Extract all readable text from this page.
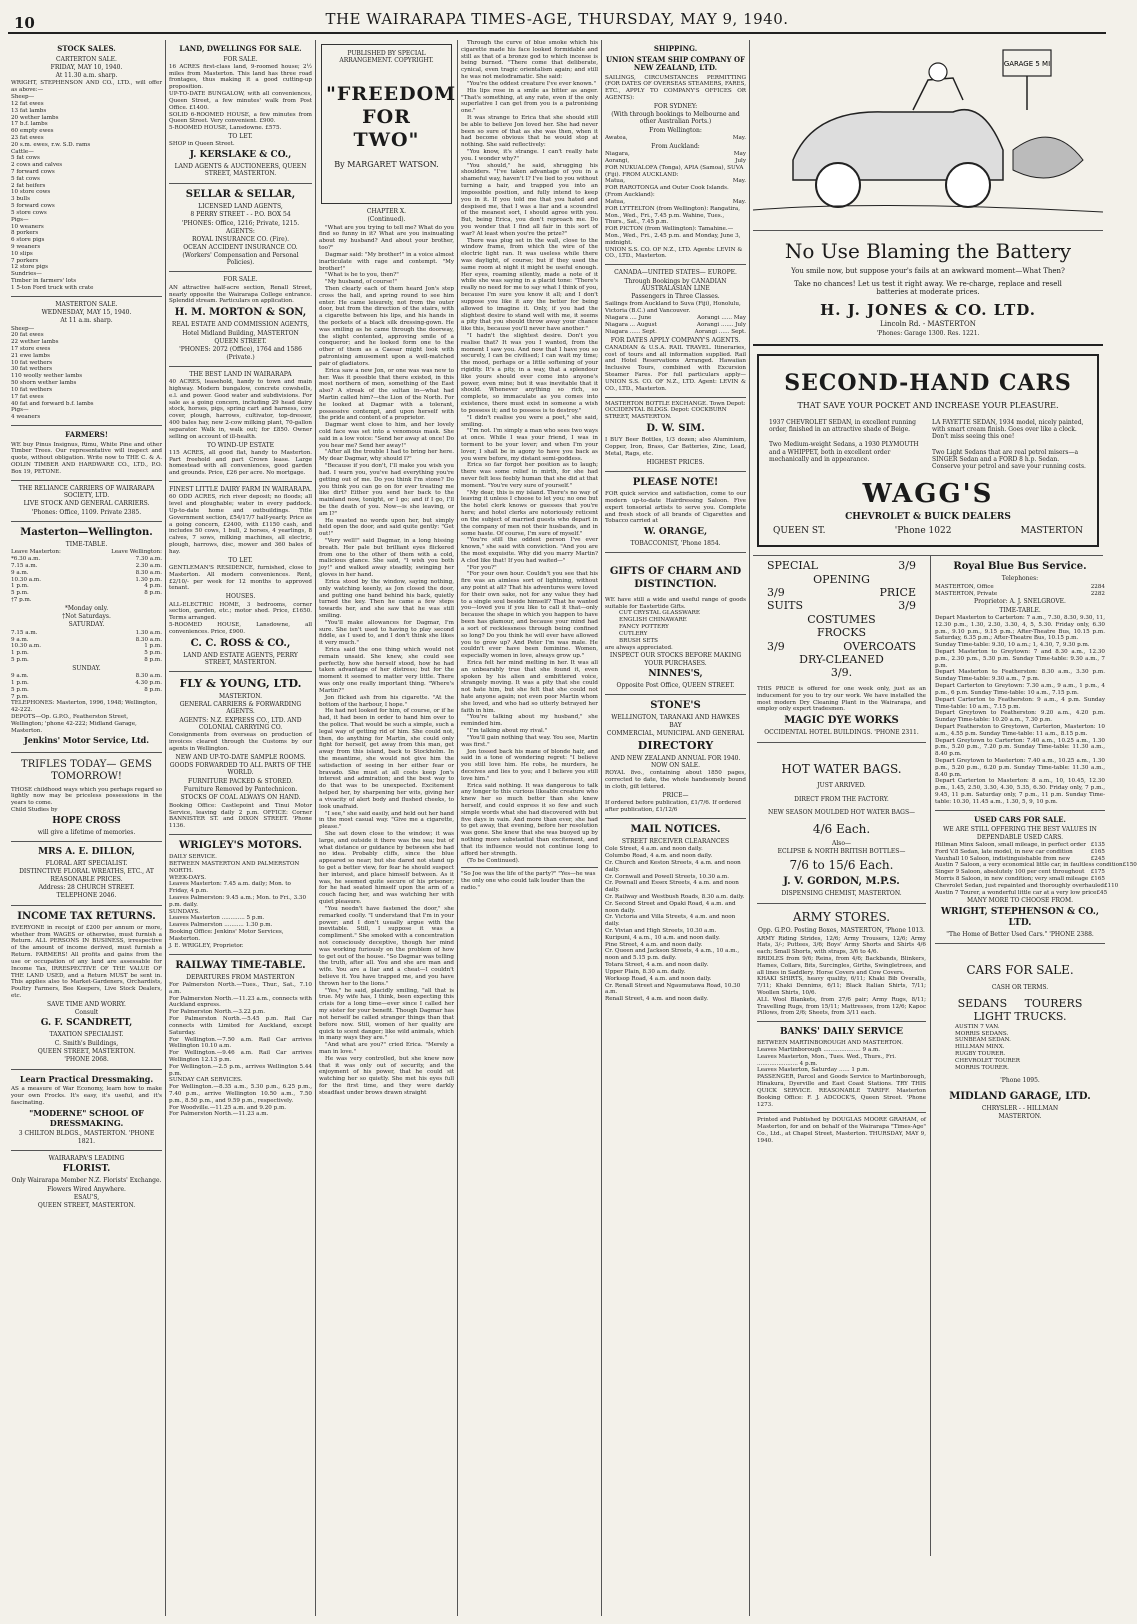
10	THE WAIRARAPA TIMES-AGE, THURSDAY, MAY 9, 1940.
STOCK SALES.
CARTERTON SALE.
FRIDAY, MAY 10, 1940.
At 11.30 a.m. sharp.
WRIGHT, STEPHENSON AND CO., LTD., will offer as above:—
Sheep—
12 fat ewes
13 fat lambs
20 wether lambs
17 b.f. lambs
60 empty ewes
23 fat ewes
20 s.m. ewes, r.w. S.D. rams
Cattle—
5 fat cows
2 cows and calves
7 forward cows
5 fat cows
2 fat heifers
10 store cows
3 bulls
5 forward cows
5 store cows
Pigs—
10 weaners
8 porkers
6 store pigs
9 weaners
10 slips
7 porkers
12 store pigs
Sundries—
Timber in farmers' lots
1 5-ton Ford truck with crate
MASTERTON SALE.
WEDNESDAY, MAY 15, 1940.
At 11 a.m. sharp.
Sheep—
20 fat ewes
22 wether lambs
17 store ewes
21 ewe lambs
10 fat wethers
30 fat wethers
110 woolly wether lambs
50 shorn wether lambs
10 fat wethers
17 fat ewes
40 fat and forward b.f. lambs
Pigs—
4 weaners
FARMERS!
WE buy Pinus Insignus, Rimu, White Pine and other Timber Trees. Our representative will inspect and quote, without obligation. Write now to THE C. & A. ODLIN TIMBER AND HARDWARE CO., LTD., P.O. Box 19, PETONE.
THE RELIANCE CARRIERS OF WAIRARAPA SOCIETY, LTD.
LIVE STOCK AND GENERAL CARRIERS.
'Phones: Office, 1109. Private 2385.
Masterton—Wellington.
TIME-TABLE.
Leave Masterton:	Leave Wellington:
*6.30 a.m.	7.30 a.m.
7.15 a.m.	2.30 a.m.
9 a.m.	8.30 a.m.
10.30 a.m.	1.30 p.m.
1 p.m.	4 p.m.
5 p.m.	8 p.m.
†7 p.m.
*Monday only.
†Not Saturdays.
SATURDAY.
7.15 a.m.	1.30 a.m.
9 a.m.	8.30 a.m.
10.30 a.m.	1 p.m.
1 p.m.	5 p.m.
5 p.m.	8 p.m.
SUNDAY.
9 a.m.	8.30 a.m.
1 p.m.	4.30 p.m.
5 p.m.	8 p.m.
7 p.m.
TELEPHONES: Masterton, 1996, 1948; Wellington, 42-222.
DEPOTS—Op. G.P.O., Featherston Street, Wellington; 'phone 42-222; Midland Garage, Masterton.
Jenkins' Motor Service, Ltd.
TRIFLES TODAY— GEMS TOMORROW!
THOSE childhood ways which you perhaps regard so lightly now may be priceless possessions in the years to come.
Child Studies by
HOPE CROSS
will give a lifetime of memories.
MRS A. E. DILLON,
FLORAL ART SPECIALIST.
DISTINCTIVE FLORAL WREATHS, ETC., AT REASONABLE PRICES.
Address: 28 CHURCH STREET.
TELEPHONE 2046.
INCOME TAX RETURNS.
EVERYONE in receipt of £200 per annum or more, whether from WAGES or otherwise, must furnish a Return. ALL PERSONS IN BUSINESS, irrespective of the amount of income derived, must furnish a Return. FARMERS! All profits and gains from the use or occupation of any land are assessable for Income Tax, IRRESPECTIVE OF THE VALUE OF THE LAND USED, and a Return MUST be sent in. This applies also to Market-Gardeners, Orchardists, Poultry Farmers, Bee Keepers, Live Stock Dealers, etc.
SAVE TIME AND WORRY.
Consult
G. F. SCANDRETT,
TAXATION SPECIALIST.
C. Smith's Buildings,
QUEEN STREET, MASTERTON.
'PHONE 2068.
Learn Practical Dressmaking.
AS a measure of War Economy, learn how to make your own Frocks. It's easy, it's useful, and it's fascinating.
"MODERNE" SCHOOL OF DRESSMAKING.
3 CHILTON BLDGS., MASTERTON. 'PHONE 1821.
WAIRARAPA'S LEADING
FLORIST.
Only Wairarapa Member N.Z. Florists' Exchange.
Flowers Wired Anywhere.
ESAU'S,
QUEEN STREET, MASTERTON.
LAND, DWELLINGS FOR SALE.
FOR SALE.
16 ACRES first-class land, 9-roomed house; 2½ miles from Masterton. This land has three road frontages, thus making it a good cutting-up proposition.
UP-TO-DATE BUNGALOW, with all conveniences, Queen Street, a few minutes' walk from Post Office. £1400.
SOLID 6-ROOMED HOUSE, a few minutes from Queen Street. Very convenient. £900.
5-ROOMED HOUSE, Lansdowne. £575.
TO LET.
SHOP in Queen Street.
J. KERSLAKE & CO.,
LAND AGENTS & AUCTIONEERS, QUEEN STREET, MASTERTON.
SELLAR & SELLAR,
LICENSED LAND AGENTS,
8 PERRY STREET - - P.O. BOX 54
'PHONES: Office, 1216; Private, 1215.
AGENTS:
ROYAL INSURANCE CO. (Fire).
OCEAN ACCIDENT INSURANCE CO. (Workers' Compensation and Personal Policies).
FOR SALE.
AN attractive half-acre section, Renall Street, nearly opposite the Wairarapa College entrance. Splendid stream. Particulars on application.
H. M. MORTON & SON,
REAL ESTATE AND COMMISSION AGENTS,
Hotel Midland Building, MASTERTON
QUEEN STREET.
'PHONES: 2072 (Office), 1764 and 1586 (Private.)
THE BEST LAND IN WAIRARAPA
40 ACRES, leasehold, handy to town and main highway. Modern bungalow, concrete cowshells, e.l. and power. Good water and subdivisions. For sale as a going concern, including 29 head dairy stock, horses, pigs, spring cart and harness, cow cover, plough, harrows, cultivator, top-dresser, 400 bales hay, new 2-cow milking plant, 70-gallon separator. Walk in, walk out; for £850. Owner selling on account of ill-health.
TO WIND-UP ESTATE
115 ACRES, all good flat, handy to Masterton. Part freehold and part Crown lease. Large homestead with all conveniences, good garden and grounds. Price, £26 per acre. No mortgage.
FINEST LITTLE DAIRY FARM IN WAIRARAPA.
60 ODD ACRES, rich river deposit; no floods; all level and ploughable; water in every paddock. Up-to-date home and outbuildings. Title Government section, £54/17/7 half-yearly. Price as a going concern, £2400, with £1150 cash, and includes 50 cows, 1 bull, 2 horses, 4 yearlings, 8 calves, 7 sows, milking machines, all electric, plough, harrows, disc, mower and 360 bales of hay.
TO LET.
GENTLEMAN'S RESIDENCE, furnished, close to Masterton. All modern conveniences. Rent, £2/10/- per week for 12 months to approved tenant.
HOUSES.
ALL-ELECTRIC HOME, 3 bedrooms, corner section, garden, etc.; motor shed. Price, £1650. Terms arranged.
5-ROOMED HOUSE, Lansdowne, all conveniences. Price, £900.
C. C. ROSS & CO.,
LAND AND ESTATE AGENTS, PERRY STREET, MASTERTON.
FLY & YOUNG, LTD.
MASTERTON.
GENERAL CARRIERS & FORWARDING AGENTS.
AGENTS: N.Z. EXPRESS CO., LTD. AND COLONIAL CARRYING CO.
Consignments from overseas on production of invoices cleared through the Customs by our agents in Wellington.
NEW AND UP-TO-DATE SAMPLE ROOMS.
GOODS FORWARDED TO ALL PARTS OF THE WORLD.
FURNITURE PACKED & STORED.
Furniture Removed by Pantechnicon.
STOCKS OF COAL ALWAYS ON HAND.
Booking Office: Castlepoint and Tinui Motor Service, leaving daily 2 p.m. OFFICE: Corner BANNISTER ST. and DIXON STREET. 'Phone 1136.
WRIGLEY'S MOTORS.
DAILY SERVICE.
BETWEEN MASTERTON AND PALMERSTON NORTH.
WEEK-DAYS.
Leaves Masterton: 7.45 a.m. daily; Mon. to Friday, 4 p.m.
Leaves Palmerston: 9.45 a.m.; Mon. to Fri., 3.30 p.m. daily.
SUNDAYS.
Leaves Masterton ............. 5 p.m.
Leaves Palmerston ........... 1.30 p.m.
Booking Office: Jenkins' Motor Services, Masterton.
J. E. WRIGLEY, Proprietor.
RAILWAY TIME-TABLE.
DEPARTURES FROM MASTERTON
For Palmerston North.—Tues., Thur., Sat., 7.10 a.m.
For Palmerston North.—11.23 a.m., connects with Auckland express.
For Palmerston North.—3.22 p.m.
For Palmerston North.—5.45 p.m. Rail Car connects with Limited for Auckland, except Saturday.
For Wellington.—7.50 a.m. Rail Car arrives Wellington 10.10 a.m.
For Wellington.—9.46 a.m. Rail Car arrives Wellington 12.13 p.m.
For Wellington.—2.5 p.m., arrives Wellington 5.44 p.m.
SUNDAY CAR SERVICES.
For Wellington.—8.35 a.m., 5.30 p.m., 6.25 p.m., 7.40 p.m., arrive Wellington 10.50 a.m., 7.50 p.m., 8.50 p.m., and 9.59 p.m., respectively.
For Woodville.—11.25 a.m. and 9.20 p.m.
For Palmerston North.—11.23 a.m.
PUBLISHED BY SPECIAL ARRANGEMENT. COPYRIGHT.
"FREEDOM FOR TWO"
By MARGARET WATSON.
CHAPTER X.
(Continued).
"What are you trying to tell me? What do you find so funny in it? What are you insinuating about my husband? And about your brother, too?"
Dagmar said: "My brother!" in a voice almost inarticulate with rage and contempt. "My brother!"
"What is he to you, then?"
"My husband, of course!"
Then clearly each of them heard Jon's step cross the hall, and spring round to see him enter. He came leisurely, not from the outer door, but from the direction of the stairs, with a cigarette between his lips, and his hands in the pockets of a black silk dressing-gown. He was smiling as he came through the doorway, the slight contented, approving smile of a conqueror; and he looked form one to the other of them as a Caesar might look with patronising amusement upon a well-matched pair of gladiators.
Erica saw a new Jon, or one was was new to her. Was it possible that there existed, in this most northern of men, something of the East also? A streak of the sultan in—what had Martin called him?—the Lion of the North. For he looked at Dagmar with a tolerant, possessive contempt, and upon herself with the pride and content of a proprietor.
Dagmar went close to him, and her lovely cold face was set into a venomous mask. She said in a low voice: "Send her away at once! Do you hear me? Send her away!"
"After all the trouble I had to bring her here. My dear Dagmar, why should I?"
"Because if you don't, I'll make you wish you had. I warn you, you've had everything you're getting out of me. Do you think I'm stone? Do you think you can go on for ever treating me like dirt? Either you send her back to the mainland now, tonight, or I go; and if I go, I'll be the death of you. Now—is she leaving, or am I?"
He wasted no words upon her, but simply held open the door, and said quite gently: "Get out!"
"Very well!" said Dagmar, in a long hissing breath. Her pale but brilliant eyes flickered from one to the other of them with a cold, malicious glance. She said, "I wish you both joy!" and walked away steadily, swinging her gloves in her hand.
Erica stood by the window, saying nothing, only watching keenly, as Jon closed the door, and putting one hand behind his back, quietly turned the key. Then he came a few steps towards her, and she saw that he was still smiling.
"You'll make allowances for Dagmar, I'm sure. She isn't used to having to play second fiddle, as I used to, and I don't think she likes it very much."
Erica said the one thing which would not remain unsaid. She knew, she could see perfectly, how she herself stood, how he had taken advantage of her distress; but for the moment it seemed to matter very little. There was only one really important thing. "Where's Martin?"
Jon flicked ash from his cigarette. "At the bottom of the harbour, I hope."
He had not looked for him, of course, or if he had, it had been in order to hand him over to the police. That would be such a simple, such a legal way of getting rid of him. She could not, then, do anything for Martin, she could only fight for herself, get away from this man, get away from this island, back to Stockholm. In the meantime, she would not give him the satisfaction of seeing in her either fear or bravado. She must at all costs keep Jon's interest and admiration; and the best way to do that was to be unexpected. Excitement helped her, by sharpening her wits, giving her a vivacity of alert body and flushed cheeks, to look unafraid.
"I see," she said easily, and held out her hand in the most casual way. "Give me a cigarette, please."
She sat down close to the window; it was large, and outside it there was the sea; but of what distance or guidance by between she had no idea. Probably cliffs, since the blue appeared so near; but she dared not stand up to get a better view, for fear he should suspect her interest, and place himself between. As it was, he seemed quite secure of his prisoner; for he had seated himself upon the arm of a couch facing her, and was watching her with quiet pleasure.
"You needn't have fastened the door," she remarked coolly. "I understand that I'm in your power; and I don't usually argue with the inevitable. Still, I suppose it was a compliment." She smoked with a concentration not consciously deceptive, though her mind was working furiously on the problem of how to get out of the house. "So Dagmar was telling the truth, after all. You and she are man and wife. You are a liar and a cheat—I couldn't believe it. You have trapped me, and you have thrown her to the lions."
"Yes," he said, placidly smiling, "all that is true. My wife has, I think, been expecting this crisis for a long time—ever since I called her my sister for your benefit. Though Dagmar has not herself be called stranger things than that before now. Still, women of her quality are quick to scent danger; like wild animals, which in many ways they are."
"And what are you?" cried Erica. "Merely a man in love."
He was very controlled, but she knew now that it was only out of security, and the enjoyment of his power, that he could sit watching her so quietly. She met his eyes full for the first time, and they were darkly steadfast under brows drawn straight
Through the curve of blue smoke which his cigarette made his face looked formidable and still as that of a bronze god to which incense is being burned. "There come that deliberate, cynical, even tragic orientalism again; and still he was not melodramatic. She said:
"You're the oddest creature I've ever known."
His lips rose in a smile as bitter as anger. "That's something, at any rate, even if the only superlative I can get from you is a patronising one."
It was strange to Erica that she should still be able to believe Jon loved her. She had never been so sure of that as she was then, when it had become obvious that he would stop at nothing. She said reflectively:
"You know, it's strange. I can't really hate you. I wonder why?"
"You should," he said, shrugging his shoulders. "I've taken advantage of you in a shameful way, haven't I? I've lied to you without turning a hair, and trapped you into an impossible position, and fully intend to keep you in it. If you told me that you hated and despised me, that I was a liar and a scoundrel of the meanest sort, I should agree with you. But, being Erica, you don't reproach me. Do you wonder that I find all fair in this sort of war? At least when you're the prize?"
There was plug set in the wall, close to the window frame, from which the wire of the electric light ran. It was useless while there was daylight, of course; but if they used the same room at night it might be useful enough. Her eyes, roaming silently, made a note of it while she was saying in a placid tone: "There's really no need for me to say what I think of you, because I'm sure you know it all; and I don't suppose you like it any the better for being allowed to imagine it. Only, if you had the slightest desire to stand well with me, it seems a pity that you should throw away your chance like this, because you'll never have another."
"I hadn't the slightest desire. Don't you realise that? It was you I wanted, from the moment I saw you. And now that I have you so securely, I can be civilised; I can wait my time; the mood, perhaps or a little softening of your rigidity. It's a pity, in a way, that a splendour like yours should ever come into anyone's power, even mine; but it was inevitable that it should. Whenever anything so rich, so complete, so immaculate as you comes into existence, there must exist in someone a wish to possess it; and to possess is to destroy."
"I didn't realise you were a poet," she said, smiling.
"I'm not. I'm simply a man who sees two ways at once. While I was your friend, I was in torment to be your lover; and when I'm your lover, I shall be in agony to have you back as you were before, my distant semi-goddess.
Erica so far forgot her position as to laugh; there was some relief in mirth, for she had never felt less feebly human that she did at that moment. "You're very sure of yourself."
"My dear, this is my island. There's no way of leaving it unless I choose to let you; no one but the hotel clerk knows or guesses that you're here; and hotel clerks are notoriously reticent on the subject of married guests who depart in the company of men not their husbands, and in some haste. Of course, I'm sure of myself."
"You're still the oddest person I've ever known," she said with conviction. "And you are the most exquisite. Why did you marry Martin? A clod like that! If you had waited—"
"For you?"
"For your own hour. Couldn't you see that his fire was an aimless sort of lightning, without any point at all? That his adventures were loved for their own sake, not for any value they had to a single soul beside himself? That he wanted you—loved you if you like to call it that—only because the shape in which you happen to have been has glamour, and because your mind had a sort of recklessness through being confined so long? Do you think he will ever have allowed you to grow up? And Peter I'm was male. He couldn't ever have been feminine. Women, especially women in love, always grow up."
Erica felt her mind melting in her. It was all an unbearably true that she found it, even spoken by his alien and embittered voice, strangely moving. It was a pity that she could not hate him, but she felt that she could not hate anyone again; not even poor Martin whom she loved, and who had so utterly betrayed her faith in him.
"You're talking about my husband," she reminded him.
"I'm talking about my rival."
"You'll gain nothing that way. You see, Martin was first."
Jon tossed back his mane of blonde hair, and said in a tone of wondering regret: "I believe you still love him. He robs, he murders, he deceives and lies to you; and I believe you still love him."
Erica said nothing. It was dangerous to talk any longer to this curious likeable creature who knew her so much better than she knew herself, and could express it so few and such simple words what she had discovered with but five days in vain. And more than ever, she had to get away, that evening, before her resolution was gone. She knew that she was buoyed up by nothing more substantial than excitement, and that its influence would not continue long to afford her strength.
(To be Continued).
"So Joe was the life of the party?" "Yes—he was the only one who could talk louder than the radio."
SHIPPING.
UNION STEAM SHIP COMPANY OF NEW ZEALAND, LTD.
SAILINGS, CIRCUMSTANCES PERMITTING (FOR DATES OF OVERSEAS STEAMERS, FARES, ETC., APPLY TO COMPANY'S OFFICES OR AGENTS):
FOR SYDNEY:
(With through bookings to Melbourne and other Australian Ports.)
From Wellington:
Awatea,	May.
From Auckland:
Niagara,	May
Aorangi,	July
FOR NUKUALOFA (Tonga), APIA (Samoa), SUVA (Fiji). FROM AUCKLAND:
Matua,	May.
FOR RAROTONGA and Outer Cook Islands. (From Auckland):
Matua,	May.
FOR LYTTELTON (from Wellington): Rangatira, Mon., Wed., Fri., 7.45 p.m. Wahine, Tues., Thurs., Sat., 7.45 p.m.
FOR PICTON (from Wellington): Tamahine.—Mon., Wed., Fri., 2.45 p.m. and Monday, June 3, midnight.
UNION S.S. CO. OF N.Z., LTD. Agents: LEVIN & CO., LTD., Masterton.
CANADA—UNITED STATES— EUROPE.
Through Bookings by CANADIAN AUSTRALASIAN LINE
Passengers in Three Classes.
Sailings from Auckland to Suva (Fiji), Honolulu, Victoria (B.C.) and Vancouver.
Niagara .... June	Aorangi ...... May
Niagara ... August	Aorangi ....... July
Niagara ...... Sept.	Aorangi ...... Sept.
FOR DATES APPLY COMPANY'S AGENTS.
CANADIAN & U.S.A. RAIL TRAVEL. Itineraries, cost of tours and all information supplied. Rail and Hotel Reservations Arranged. Hawaiian Inclusive Tours, combined with Excursion Steamer Fares. For full particulars apply— UNION S.S. CO. OF N.Z., LTD. Agent: LEVIN & CO., LTD., Masterton.
MASTERTON BOTTLE EXCHANGE. Town Depot: OCCIDENTAL BLDGS. Depot: COCKBURN STREET, MASTERTON.
D. W. SIM.
I BUY Beer Bottles, 1/3 dozen; also Aluminium, Copper, Iron, Brass, Car Batteries, Zinc, Lead, Metal, Rags, etc.
HIGHEST PRICES.
PLEASE NOTE!
FOR quick service and satisfaction, come to our modern up-to-date Hairdressing Saloon. Five expert tonsorial artists to serve you. Complete and fresh stock of all brands of Cigarettes and Tobacco carried at
W. ORANGE,
TOBACCONIST, 'Phone 1854.
GIFTS OF CHARM AND DISTINCTION.
WE have still a wide and useful range of goods suitable for Eastertide Gifts.
CUT CRYSTAL GLASSWARE
ENGLISH CHINAWARE
FANCY POTTERY
CUTLERY
BRUSH SETS
are always appreciated.
INSPECT OUR STOCKS BEFORE MAKING YOUR PURCHASES.
NINNES'S,
Opposite Post Office, QUEEN STREET.
STONE'S
WELLINGTON, TARANAKI AND HAWKES BAY
COMMERCIAL, MUNICIPAL AND GENERAL
DIRECTORY
AND NEW ZEALAND ANNUAL FOR 1940. NOW ON SALE.
ROYAL 8vo., containing about 1850 pages, corrected to date, the whole handsomely bound in cloth, gilt lettered.
PRICE—
If ordered before publication, £1/7/6. If ordered after publication, £1/12/6
MAIL NOTICES.
STREET RECEIVER CLEARANCES
Cole Street, 4 a.m. and noon daily.
Columbo Road, 4 a.m. and noon daily.
Cr. Church and Keston Streets, 4 a.m. and noon daily.
Cr. Cornwall and Powell Streets, 10.30 a.m.
Cr. Pownall and Essex Streets, 4 a.m. and noon daily.
Cr. Railway and Westbush Roads, 8.30 a.m. daily.
Cr. Second Street and Opaki Road, 4 a.m. and noon daily.
Cr. Victoria and Villa Streets, 4 a.m. and noon daily.
Cr. Vivian and High Streets, 10.30 a.m.
Kuripuni, 4 a.m., 10 a.m. and noon daily.
Pine Street, 4 a.m. and noon daily.
Cr. Queen and Jackson Streets, 4 a.m., 10 a.m., noon and 5.15 p.m. daily.
Totara Street, 4 a.m. and noon daily.
Upper Plain, 8.30 a.m. daily.
Worksop Road, 4 a.m. and noon daily.
Cr. Renall Street and Ngaumutawa Road, 10.30 a.m.
Renall Street, 4 a.m. and noon daily.
GARAGE 5 MI
No Use Blaming the Battery
You smile now, but suppose your's fails at an awkward moment—What Then?
Take no chances! Let us test it right away. We re-charge, replace and resell batteries at moderate prices.
H. J. JONES & CO. LTD.
Lincoln Rd. - MASTERTON
'Phones: Garage 1300. Res. 1221.
SECOND-HAND CARS
THAT SAVE YOUR POCKET AND INCREASE YOUR PLEASURE.
1937 CHEVROLET SEDAN, in excellent running order, finished in an attractive shade of Beige.
Two Medium-weight Sedans, a 1930 PLYMOUTH and a WHIPPET, both in excellent order mechanically and in appearance.
LA FAYETTE SEDAN, 1934 model, nicely painted, with smart cream finish. Goes over like a clock. Don't miss seeing this one!
Two Light Sedans that are real petrol misers—a SINGER Sedan and a FORD 8 h.p. Sedan. Conserve your petrol and save your running costs.
WAGG'S
CHEVROLET & BUICK DEALERS
QUEEN ST.	'Phone 1022	MASTERTON
SPECIAL	3/9
OPENING
3/9	PRICE
SUITS	3/9
COSTUMES
FROCKS
3/9	OVERCOATS
DRY-CLEANED
3/9.
THIS PRICE is offered for one week only, just as an inducement for you to try our work. We have installed the most modern Dry Cleaning Plant in the Wairarapa, and employ only expert tradesmen.
MAGIC DYE WORKS
OCCIDENTAL HOTEL BUILDINGS. 'PHONE 2311.
HOT WATER BAGS.
JUST ARRIVED.
DIRECT FROM THE FACTORY.
NEW SEASON MOULDED HOT WATER BAGS—
4/6 Each.
Also—
ECLIPSE & NORTH BRITISH BOTTLES—
7/6 to 15/6 Each.
J. V. GORDON, M.P.S.
DISPENSING CHEMIST, MASTERTON.
ARMY STORES.
Opp. G.P.O. Posting Boxes, MASTERTON, 'Phone 1013.
ARMY Riding Strides, 12/6; Army Trousers, 12/6; Army Hats, 3/-; Puttees, 3/6; Boys' Army Shorts and Shirts 4/6 each; Small Shorts, with straps, 3/6 to 4/6.
BRIDLES from 9/6; Reins, from 4/6; Backbands, Blinkers, Hames, Collars, Bits, Surcingles, Girths, Swingletrees, and all lines in Saddlery. Horse Covers and Cow Covers.
KHAKI SHIRTS, heavy quality, 6/11; Khaki Bib Overalls, 7/11; Khaki Dennims, 6/11; Black Italian Shirts, 7/11; Woollen Shirts, 10/6.
ALL Wool Blankets, from 27/6 pair; Army Rugs, 8/11; Travelling Rugs, from 15/11; Mattresses, from 12/6; Kapoc Pillows, from 2/6; Sheets, from 3/11 each.
BANKS' DAILY SERVICE
BETWEEN MARTINBOROUGH AND MASTERTON.
Leaves Martinborough ..................... 9 a.m.
Leaves Masterton, Mon., Tues. Wed., Thurs., Fri. ....................... 4 p.m.
Leaves Masterton, Saturday ...... 1 p.m.
PASSENGER, Parcel and Goods Service to Martinborough, Hinakura, Dyerville and East Coast Stations. TRY THIS QUICK SERVICE. REASONABLE TARIFF. Masterton Booking Office: F. J. ADCOCK'S, Queen Street. 'Phone 1273.
Printed and Published by DOUGLAS MOORE GRAHAM, of Masterton, for and on behalf of the Wairarapa "Times-Age" Co., Ltd., at Chapel Street, Masterton. THURSDAY, MAY 9, 1940.
Royal Blue Bus Service.
Telephones:
MASTERTON, Office	2284
MASTERTON, Private	2282
Proprietor: A. J. SNELGROVE.
TIME-TABLE.
Depart Masterton to Carterton: 7 a.m., 7.30, 8.30, 9.30, 11, 12.30 p.m., 1.30, 2.30, 3.30, 4, 5, 5.30. Friday only, 6.30 p.m., 9.10 p.m., 9.15 p.m.; After-Theatre Bus, 10.15 p.m. Saturday, 6.35 p.m.; After-Theatre Bus, 10.15 p.m.
Sunday Time-table: 9.30, 10 a.m.; 1, 4.30, 7, 9.30 p.m.
Depart Masterton to Greytown: 7 and 8.30 a.m., 12.30 p.m., 2.30 p.m., 5.30 p.m. Sunday Time-table: 9.30 a.m., 7 p.m.
Depart Masterton to Featherston: 8.30 a.m., 3.30 p.m. Sunday Time-table: 9.30 a.m., 7 p.m.
Depart Carterton to Greytown: 7.30 a.m., 9 a.m., 1 p.m., 4 p.m., 6 p.m. Sunday Time-table: 10 a.m., 7.15 p.m.
Depart Carterton to Featherston: 9 a.m., 4 p.m. Sunday Time-table: 10 a.m., 7.15 p.m.
Depart Greytown to Featherston: 9.20 a.m., 4.20 p.m. Sunday Time-table: 10.20 a.m., 7.30 p.m.
Depart Featherston to Greytown, Carterton, Masterton: 10 a.m., 4.55 p.m. Sunday Time-table: 11 a.m., 8.15 p.m.
Depart Greytown to Carterton: 7.40 a.m., 10.25 a.m., 1.30 p.m., 5.20 p.m., 7.20 p.m. Sunday Time-table: 11.30 a.m., 8.40 p.m.
Depart Greytown to Masterton: 7.40 a.m., 10.25 a.m., 1.30 p.m., 5.20 p.m., 6.20 p.m. Sunday Time-table: 11.30 a.m., 8.40 p.m.
Depart Carterton to Masterton: 8 a.m., 10, 10.45, 12.30 p.m., 1.45, 2.50, 3.30, 4.30, 5.35, 6.30. Friday only, 7 p.m., 9.45, 11 p.m. Saturday only, 7 p.m., 11 p.m. Sunday Time-table: 10.30, 11.45 a.m., 1.30, 5, 9, 10 p.m.
USED CARS FOR SALE.
WE ARE STILL OFFERING THE BEST VALUES IN DEPENDABLE USED CARS.
Hillman Minx Saloon, small mileage, in perfect order £135
Ford V.8 Sedan, late model, in new car condition	£165
Vauxhall 10 Saloon, indistinguishable from new	£245
Austin 7 Saloon, a very economical little car, in faultless condition £150
Singer 9 Saloon, absolutely 100 per cent throughout £175
Morris 8 Saloon, in new condition; very small mileage £165
Chevrolet Sedan, just repainted and thoroughly overhauled £110
Austin 7 Tourer, a wonderful little car at a very low price £45
MANY MORE TO CHOOSE FROM.
WRIGHT, STEPHENSON & CO., LTD.
"The Home of Better Used Cars." 'PHONE 2388.
CARS FOR SALE.
CASH OR TERMS.
SEDANS     TOURERS
LIGHT TRUCKS.
AUSTIN 7 VAN.
MORRIS SEDANS.
SUNBEAM SEDAN.
HILLMAN MINX.
RUGBY TOURER.
CHEVROLET TOURER
MORRIS TOURER.
'Phone 1095.
MIDLAND GARAGE, LTD.
CHRYSLER - - HILLMAN
MASTERTON.
